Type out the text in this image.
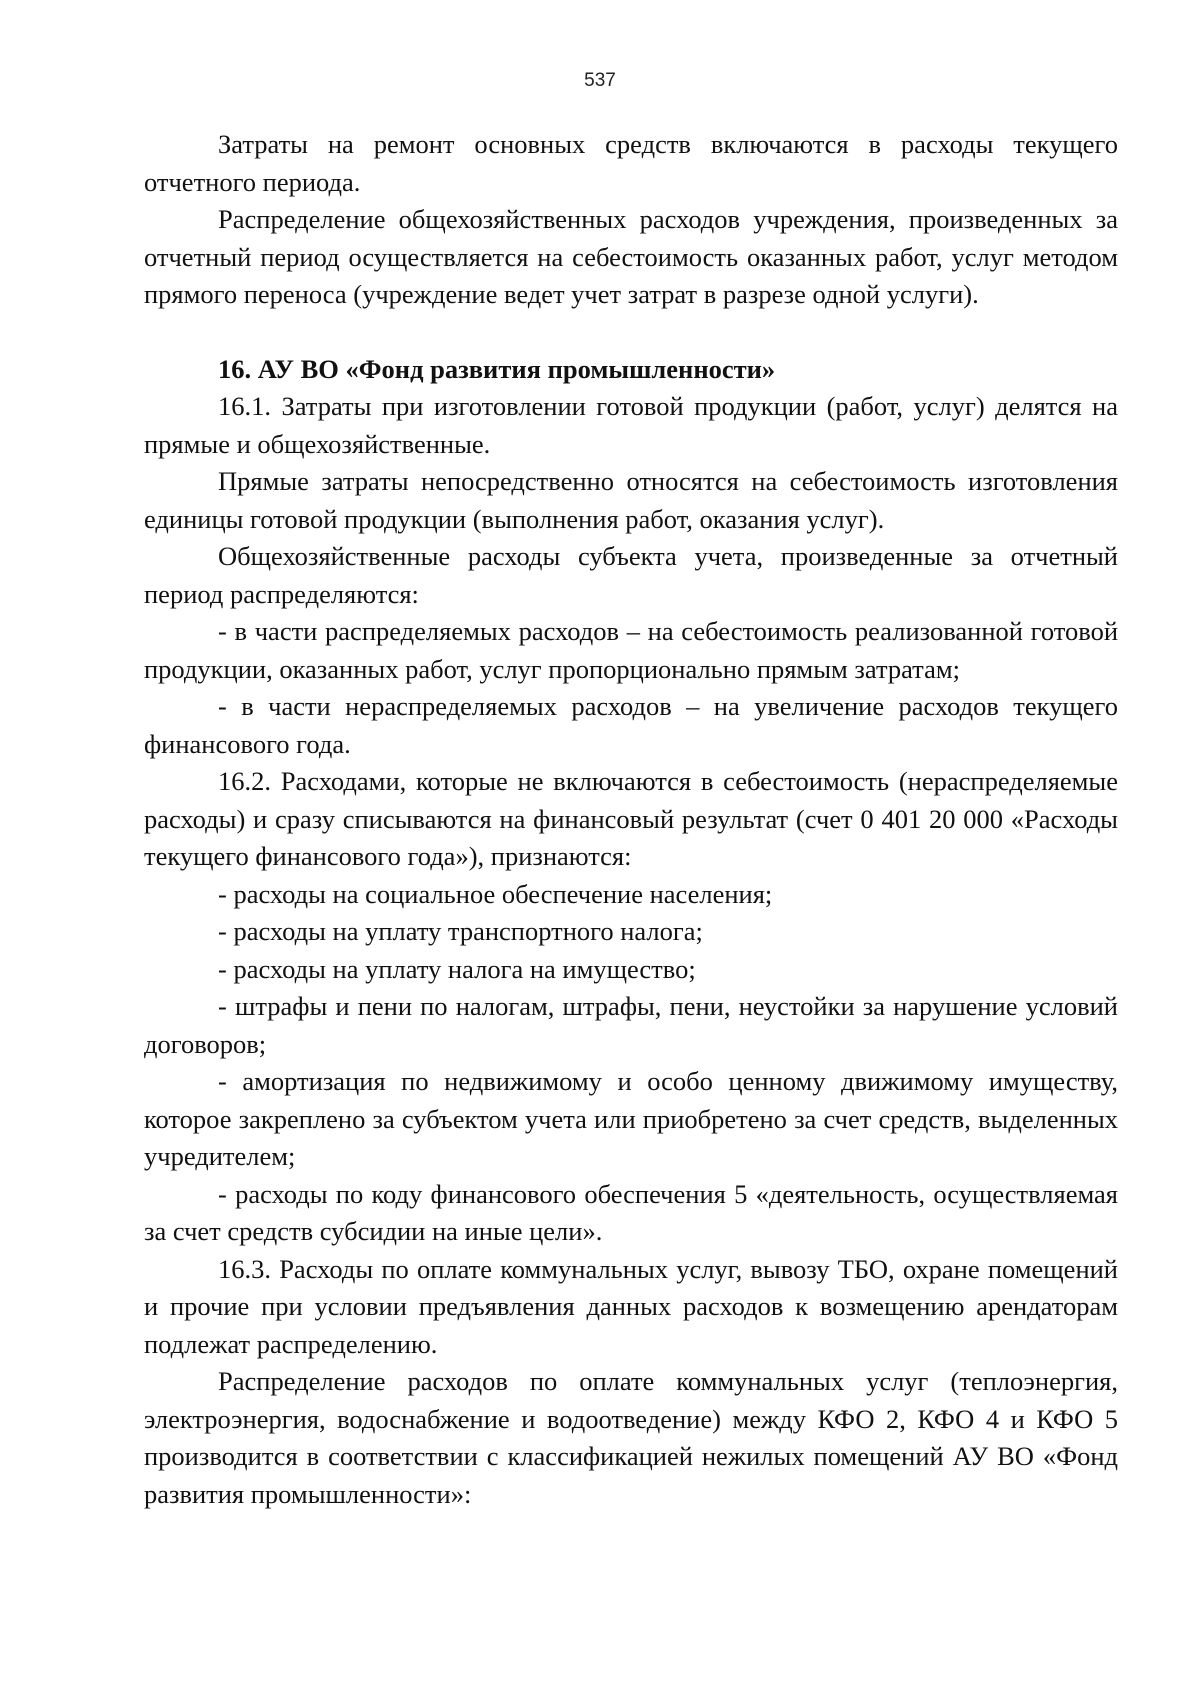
537

Затраты на ремонт основных средств включаются в расходы текущего отчетного периода.

Распределение общехозяйственных расходов учреждения, произведенных за отчетный период осуществляется на себестоимость оказанных работ, услуг методом прямого переноса (учреждение ведет учет затрат в разрезе одной услуги).

16. АУ ВО «Фонд развития промышленности»

16.1. Затраты при изготовлении готовой продукции (работ, услуг) делятся на прямые и общехозяйственные.

Прямые затраты непосредственно относятся на себестоимость изготовления единицы готовой продукции (выполнения работ, оказания услуг).

Общехозяйственные расходы субъекта учета, произведенные за отчетный период распределяются:

- в части распределяемых расходов – на себестоимость реализованной готовой продукции, оказанных работ, услуг пропорционально прямым затратам;

- в части нераспределяемых расходов – на увеличение расходов текущего финансового года.

16.2. Расходами, которые не включаются в себестоимость (нераспределяемые расходы) и сразу списываются на финансовый результат (счет 0 401 20 000 «Расходы текущего финансового года»), признаются:

- расходы на социальное обеспечение населения;

- расходы на уплату транспортного налога;

- расходы на уплату налога на имущество;

- штрафы и пени по налогам, штрафы, пени, неустойки за нарушение условий договоров;

- амортизация по недвижимому и особо ценному движимому имуществу, которое закреплено за субъектом учета или приобретено за счет средств, выделенных учредителем;

- расходы по коду финансового обеспечения 5 «деятельность, осуществляемая за счет средств субсидии на иные цели».

16.3. Расходы по оплате коммунальных услуг, вывозу ТБО, охране помещений и прочие при условии предъявления данных расходов к возмещению арендаторам подлежат распределению.

Распределение расходов по оплате коммунальных услуг (теплоэнергия, электроэнергия, водоснабжение и водоотведение) между КФО 2, КФО 4 и КФО 5 производится в соответствии с классификацией нежилых помещений АУ ВО «Фонд развития промышленности»:
